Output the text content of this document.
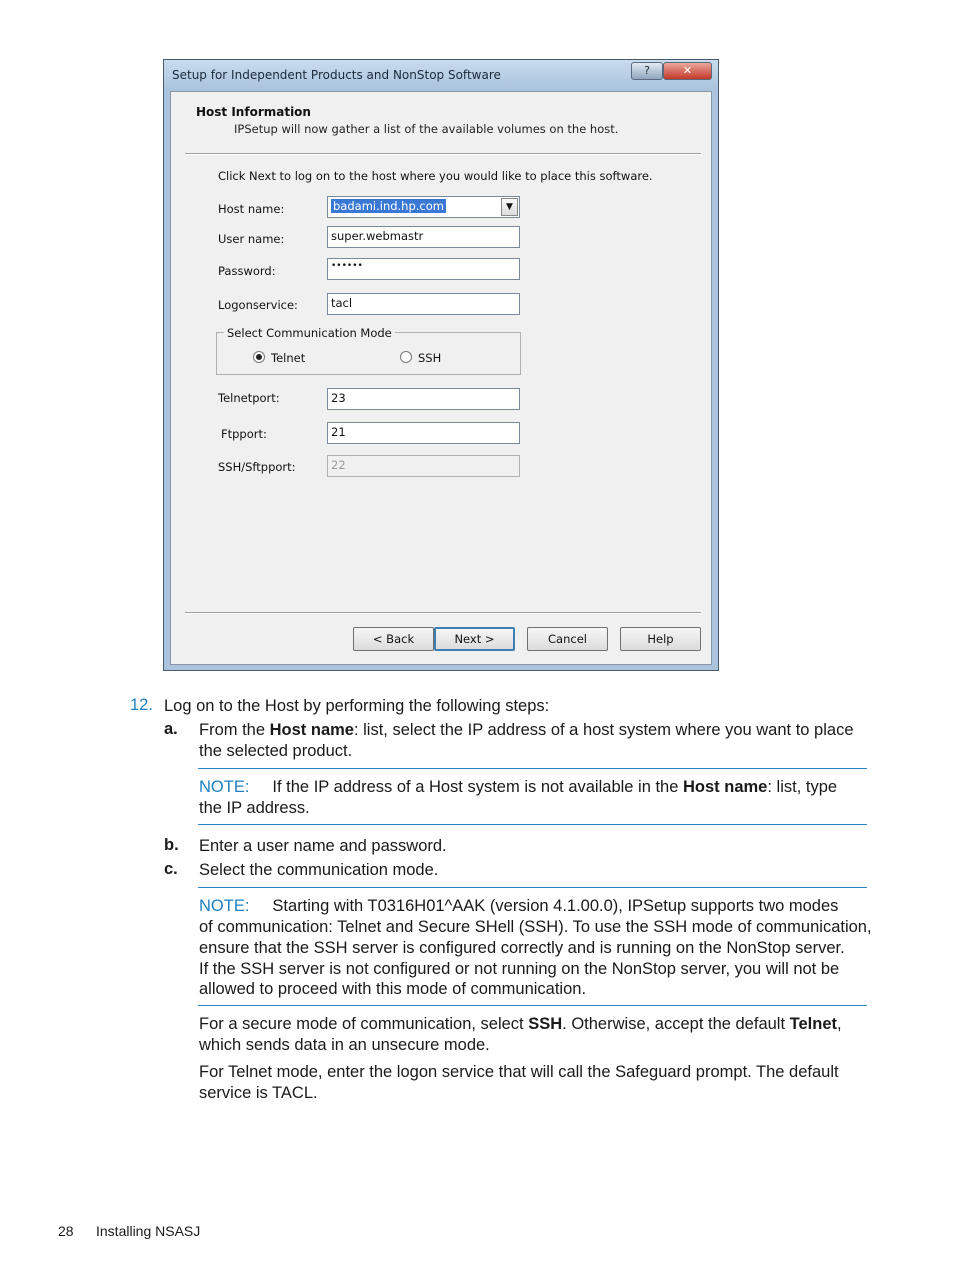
Setup for Independent Products and NonStop Software	?	✕
Host Information
IPSetup will now gather a list of the available volumes on the host.
Click Next to log on to the host where you would like to place this software.
Host name:	badami.ind.hp.com	▼
User name:	super.webmastr
Password:	••••••
Logonservice:	tacl
Select Communication Mode
Telnet	SSH
Telnetport:	23
Ftpport:	21
SSH/Sftpport:	22
< Back	Next >	Cancel	Help
12. Log on to the Host by performing the following steps:
a. From the Host name: list, select the IP address of a host system where you want to place
the selected product.
NOTE: If the IP address of a Host system is not available in the Host name: list, type
the IP address.
b. Enter a user name and password.
c. Select the communication mode.
NOTE: Starting with T0316H01^AAK (version 4.1.00.0), IPSetup supports two modes
of communication: Telnet and Secure SHell (SSH). To use the SSH mode of communication,
ensure that the SSH server is configured correctly and is running on the NonStop server.
If the SSH server is not configured or not running on the NonStop server, you will not be
allowed to proceed with this mode of communication.
For a secure mode of communication, select SSH. Otherwise, accept the default Telnet,
which sends data in an unsecure mode.
For Telnet mode, enter the logon service that will call the Safeguard prompt. The default
service is TACL.
28 Installing NSASJ
